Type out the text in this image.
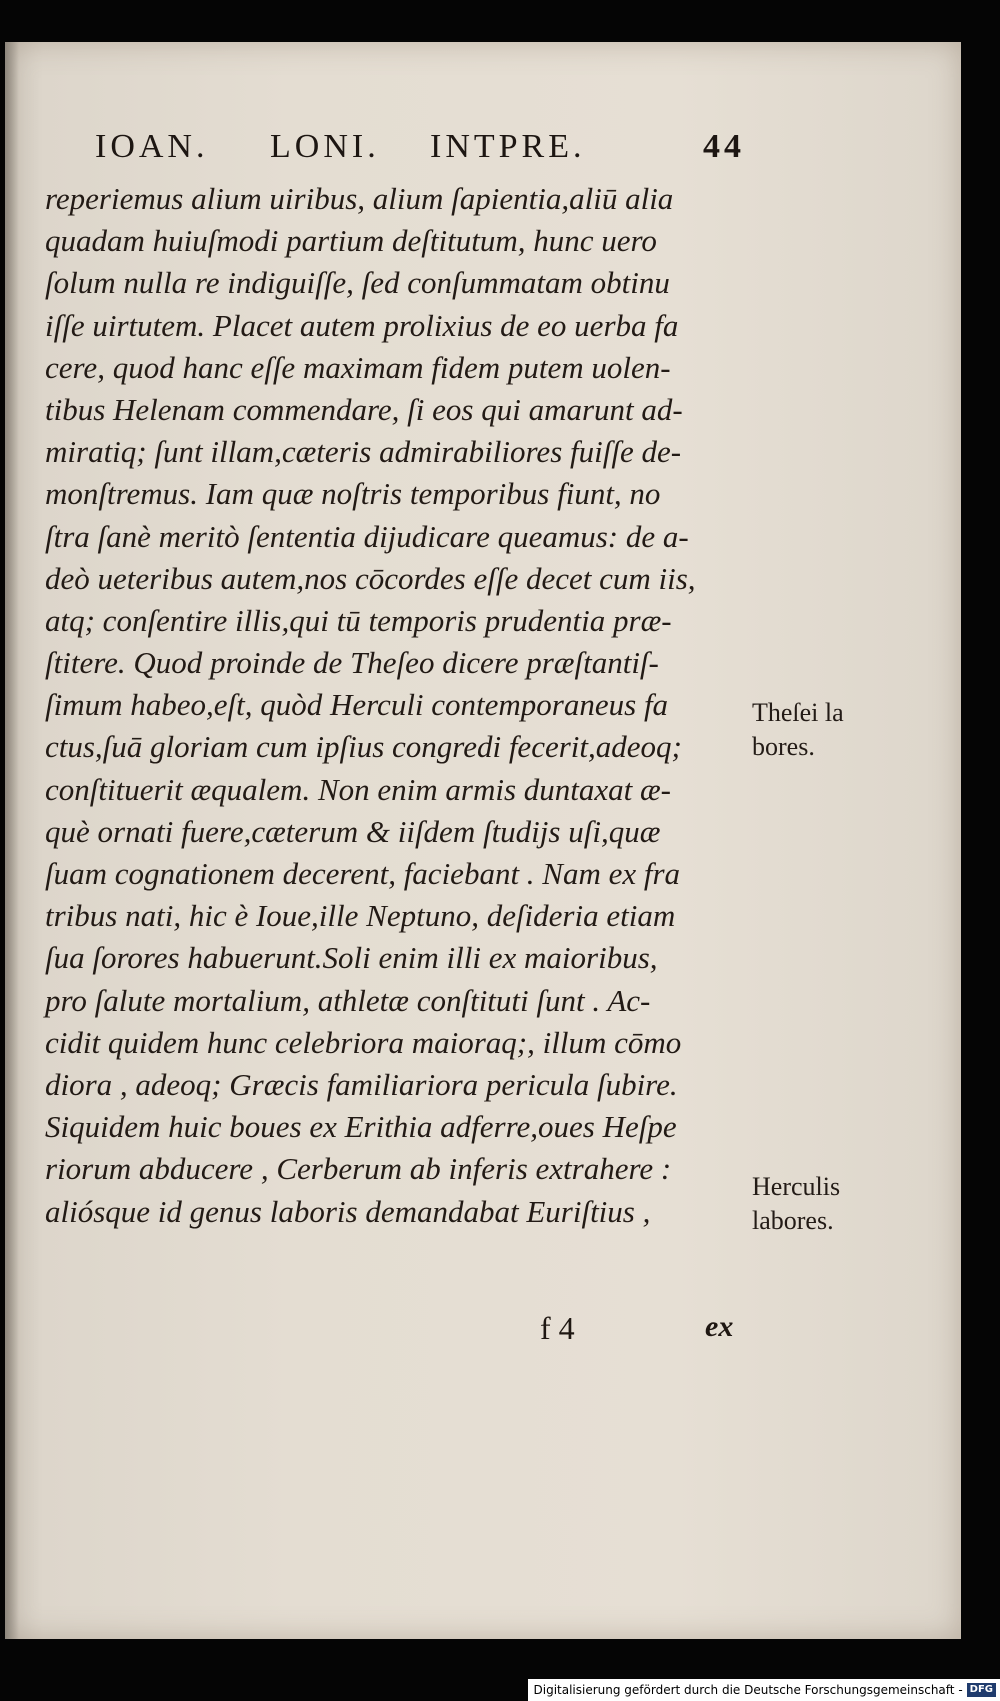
IOAN. LONI. INTPRE.	44
reperiemus alium uiribus, alium ſapientia,aliū alia
quadam huiuſmodi partium deſtitutum, hunc uero
ſolum nulla re indiguiſſe, ſed conſummatam obtinu
iſſe uirtutem. Placet autem prolixius de eo uerba fa
cere, quod hanc eſſe maximam fidem putem uolen-
tibus Helenam commendare, ſi eos qui amarunt ad-
miratiq; ſunt illam,cæteris admirabiliores fuiſſe de-
monſtremus. Iam quæ noſtris temporibus fiunt, no
ſtra ſanè meritò ſententia dijudicare queamus: de a-
deò ueteribus autem,nos cōcordes eſſe decet cum iis,
atq; conſentire illis,qui tū temporis prudentia præ-
ſtitere. Quod proinde de Theſeo dicere præſtantiſ-
ſimum habeo,eſt, quòd Herculi contemporaneus fa
ctus,ſuā gloriam cum ipſius congredi fecerit,adeoq;
conſtituerit æqualem. Non enim armis duntaxat æ-
què ornati fuere,cæterum & iiſdem ſtudijs uſi,quæ
ſuam cognationem decerent, faciebant . Nam ex fra
tribus nati, hic è Ioue,ille Neptuno, deſideria etiam
ſua ſorores habuerunt.Soli enim illi ex maioribus,
pro ſalute mortalium, athletæ conſtituti ſunt . Ac-
cidit quidem hunc celebriora maioraq;, illum cōmo
diora , adeoq; Græcis familiariora pericula ſubire.
Siquidem huic boues ex Erithia adferre,oues Heſpe
riorum abducere , Cerberum ab inferis extrahere :
aliósque id genus laboris demandabat Euriſtius ,
Theſei la
bores.
Herculis
labores.
f 4	ex
Digitalisierung gefördert durch die Deutsche Forschungsgemeinschaft - DFG
